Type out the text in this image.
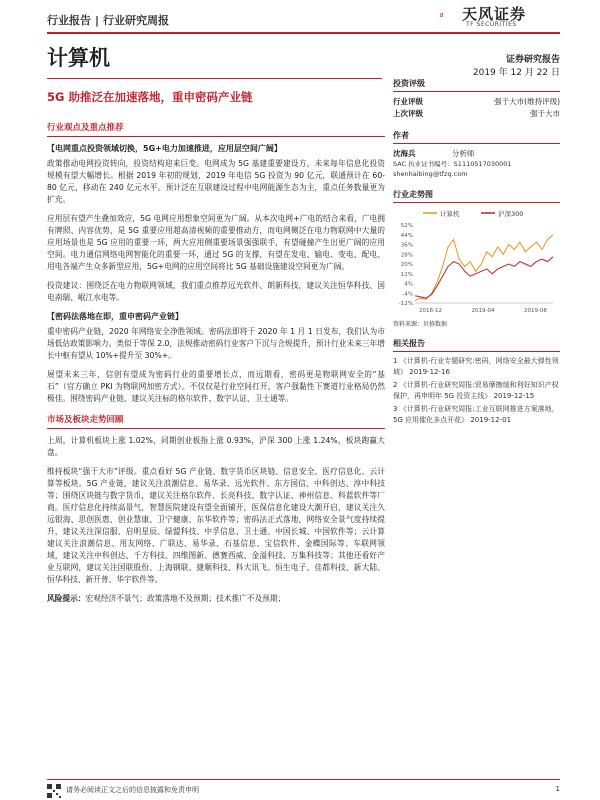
行业报告 | 行业研究周报	天风证券
TF SECURITIES
计算机	证券研究报告
2019 年 12 月 22 日
5G 助推泛在加速落地，重申密码产业链
行业观点及重点推荐
【电网重点投资领域切换，5G+电力加速推进，应用层空间广阔】

政策推动电网投资转向，投资结构迎来巨变。电网成为 5G 基建重要建设方，未来每年信息化投资规模有望大幅增长。根据 2019 年初的规划，2019 年电信 5G 投资为 90 亿元，联通预计在 60-80 亿元，移动在 240 亿元水平。预计泛在互联建设过程中电网能源生态为主，重点任务数量更为扩充。

应用层有望产生叠加效应，5G 电网应用想象空间更为广阔。从本次电网+广电的结合来看，广电拥有牌照、内容优势，是 5G 重要应用超高清视频的重要推动方，而电网侧泛在电力物联网中大量的应用场景也是 5G 应用的重要一环，两大应用侧重要场景强强联手，有望碰撞产生出更广阔的应用空间。电力通信网络电网智能化的重要一环，通过 5G 的支撑，有望在发电、输电、变电、配电、用电各端产生众多新型应用，5G+电网的应用空间将比 5G 基础设施建设空间更为广阔。

投资建议：围绕泛在电力物联网领域，我们重点推荐远光软件、朗新科技，建议关注恒华科技、国电南瑞、岷江水电等。

【密码法落地在即，重申密码产业链】

重申密码产业链，2020 年网络安全净胜领域。密码法即将于 2020 年 1 月 1 日发布，我们认为市场低估政策影响力。类似于等保 2.0，法规推动密码行业客户下沉与合规提升，预计行业未来三年增长中枢有望从 10%+提升至 30%+。

展望未来三年，信创有望成为密码行业的重要增长点，而远期看，密码更是物联网安全的“基石”（官方确立 PKI 为物联网加密方式）。不仅仅是行业空间打开，客户强黏性下赛道行业格局仍然极佳。围绕密码产业链，建议关注标的格尔软件、数字认证、卫士通等。

市场及板块走势回顾

上周，计算机板块上涨 1.02%，同期创业板指上涨 0.93%，沪深 300 上涨 1.24%，板块跑赢大盘。

维持板块“强于大市”评级。重点看好 5G 产业链、数字货币区块链、信息安全、医疗信息化、云计算等板块。5G 产业链，建议关注浪潮信息、易华录、远光软件、东方国信、中科创达、淳中科技等；围绕区块链与数字货币，建议关注格尔软件、长亮科技、数字认证、神州信息、科蓝软件等厂商。医疗信息化持续高景气，智慧医院建设有望全面铺开，医保信息化建设大潮开启，建议关注久远银海、思创医惠、创业慧康、卫宁健康、东华软件等；密码法正式落地，网络安全景气度持续提升，建议关注深信服、启明星辰、绿盟科技、中孚信息、卫士通、中国长城、中国软件等；云计算建议关注浪潮信息、用友网络、广联达、易华录、石基信息、宝信软件、金蝶国际等；车联网领域，建议关注中科创达、千方科技、四维图新、德赛西威、金溢科技、万集科技等；其他还看好产业互联网，建议关注国联股份、上海钢联、捷顺科技、科大讯飞、恒生电子、佳都科技、新大陆、恒华科技、新开普、华宇软件等。

风险提示：宏观经济不景气；政策落地不及预期；技术推广不及预期；
投资评级
行业评级	强于大市(维持评级)
上次评级	强于大市
作者
沈海兵	分析师
SAC 执业证书编号：S1110517030001
shenhaibing@tfzq.com
行业走势图
计算机	沪深300
52%
44%
36%
28%
20%
12%
4%
-4%
-12%
2018-12	2019-04	2019-08
资料来源：贝格数据
相关报告
1 《计算机-行业专题研究:密码，网络安全最大弹性领域》 2019-12-16
2 《计算机-行业研究周报:贸易摩擦缓和利好知识产权保护，再申明年 5G 投资主线》 2019-12-15
3 《计算机-行业研究周报:工业互联网推进方案落地，5G 应用催化多点开花》 2019-12-01
请务必阅读正文之后的信息披露和免责申明	1
